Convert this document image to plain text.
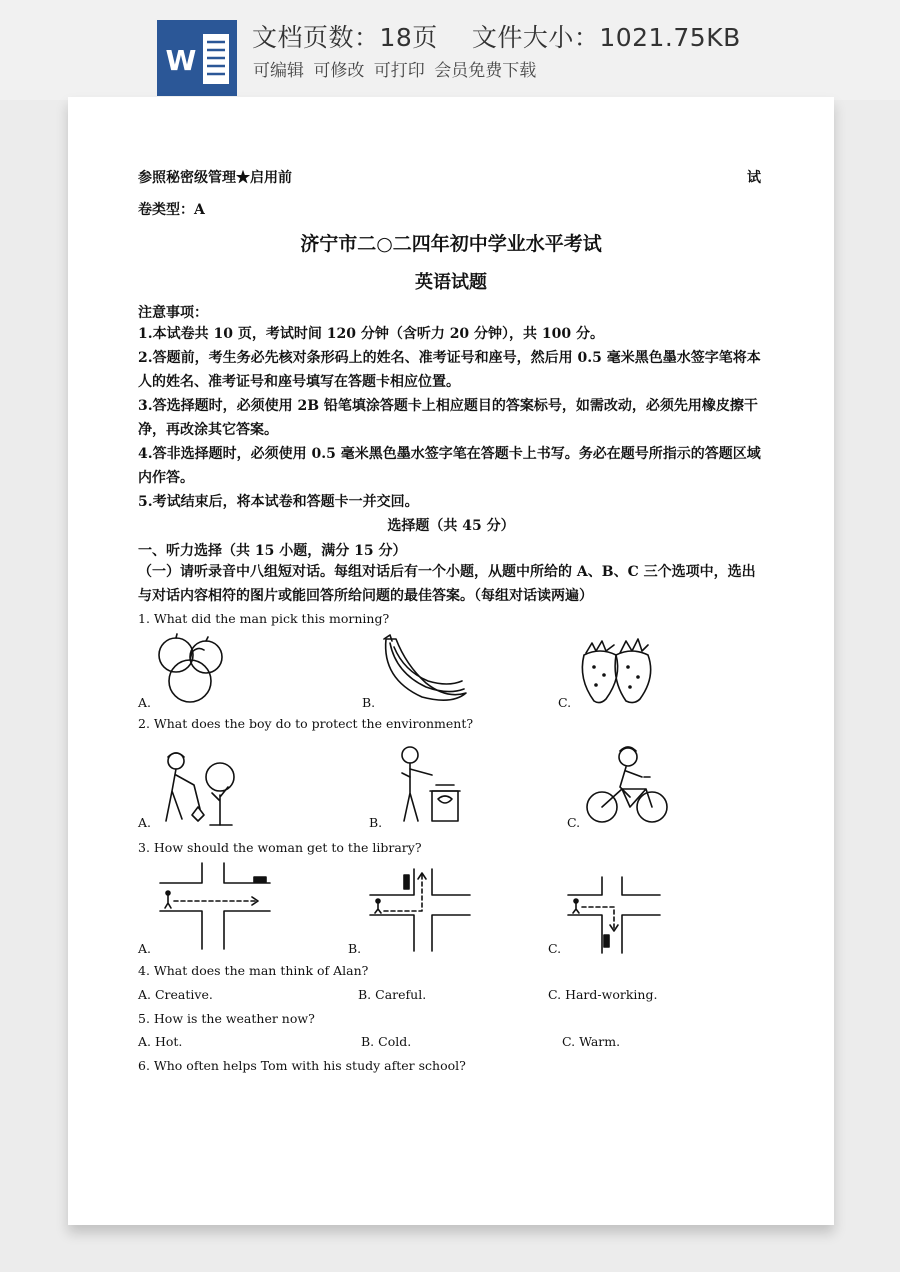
W
文档页数：18页 文件大小：1021.75KB
可编辑 可修改 可打印 会员免费下载
参照秘密级管理★启用前	试
卷类型：A
济宁市二○二四年初中学业水平考试
英语试题
注意事项：
1.本试卷共 10 页，考试时间 120 分钟（含听力 20 分钟），共 100 分。
2.答题前，考生务必先核对条形码上的姓名、准考证号和座号，然后用 0.5 毫米黑色墨水签字笔将本人的姓名、准考证号和座号填写在答题卡相应位置。
3.答选择题时，必须使用 2B 铅笔填涂答题卡上相应题目的答案标号，如需改动，必须先用橡皮擦干净，再改涂其它答案。
4.答非选择题时，必须使用 0.5 毫米黑色墨水签字笔在答题卡上书写。务必在题号所指示的答题区域内作答。
5.考试结束后，将本试卷和答题卡一并交回。
选择题（共 45 分）
一、听力选择（共 15 小题，满分 15 分）
（一）请听录音中八组短对话。每组对话后有一个小题，从题中所给的 A、B、C 三个选项中，选出与对话内容相符的图片或能回答所给问题的最佳答案。（每组对话读两遍）
1. What did the man pick this morning?
A.	B.	C.
2. What does the boy do to protect the environment?
A.	B.	C.
3. How should the woman get to the library?
A.	B.	C.
4. What does the man think of Alan?
A. Creative.	B. Careful.	C. Hard-working.
5. How is the weather now?
A. Hot.	B. Cold.	C. Warm.
6. Who often helps Tom with his study after school?
